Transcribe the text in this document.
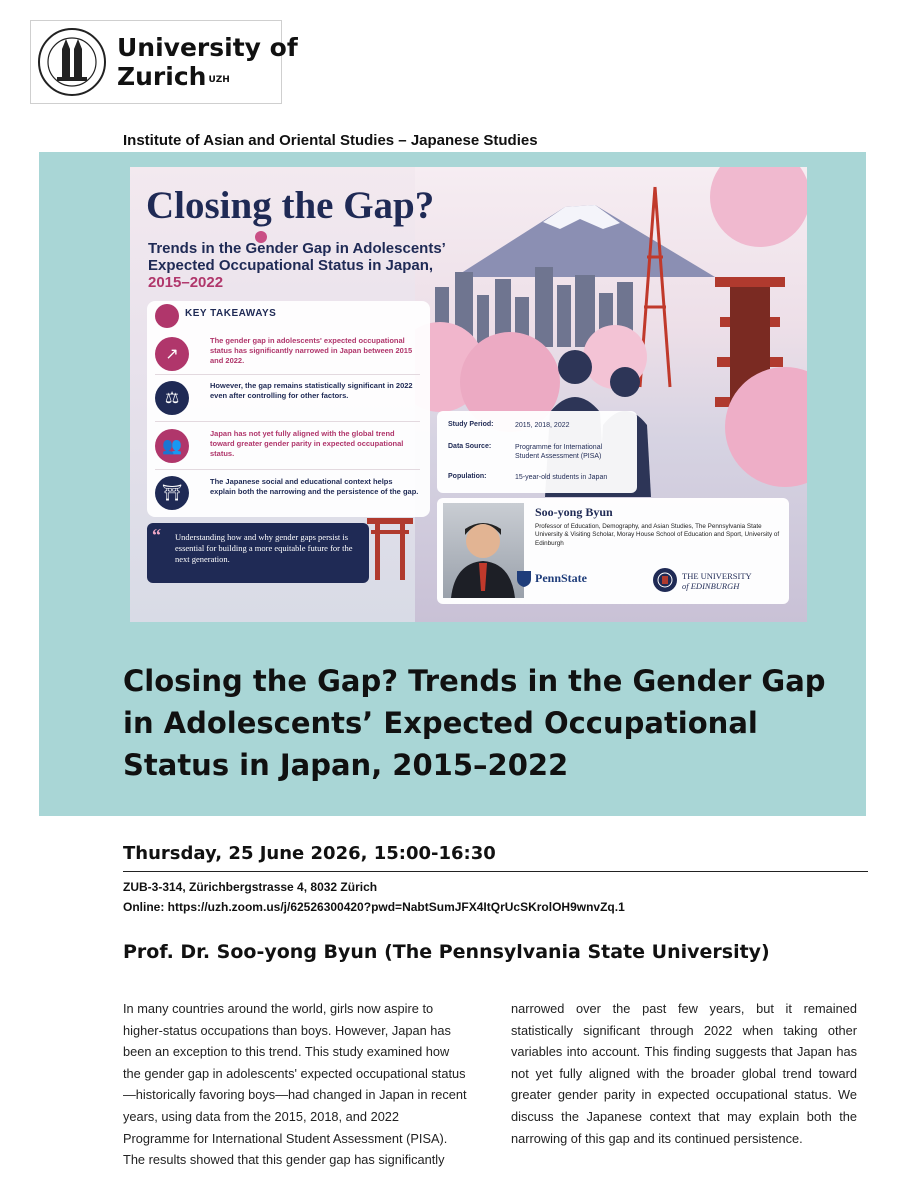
University of
Zurich $^{UZH}$
Institute of Asian and Oriental Studies – Japanese Studies
Closing the Gap?
Trends in the Gender Gap in Adolescents’ Expected Occupational Status in Japan,
2015–2022
KEY TAKEAWAYS
↗
The gender gap in adolescents' expected occupational status has significantly narrowed in Japan between 2015 and 2022.
⚖
However, the gap remains statistically significant in 2022 even after controlling for other factors.
👥
Japan has not yet fully aligned with the global trend toward greater gender parity in expected occupational status.
⛩
The Japanese social and educational context helps explain both the narrowing and the persistence of the gap.
“ Understanding how and why gender gaps persist is essential for building a more equitable future for the next generation.
Study Period:	2015, 2018, 2022
Data Source:	Programme for International Student Assessment (PISA)
Population:	15-year-old students in Japan
Soo-yong Byun
Professor of Education, Demography, and Asian Studies, The Pennsylvania State University & Visiting Scholar, Moray House School of Education and Sport, University of Edinburgh
PennState	THE UNIVERSITY
of EDINBURGH
Closing the Gap? Trends in the Gender Gap in Adolescents’ Expected Occupational Status in Japan, 2015–2022
Thursday, 25 June 2026, 15:00-16:30
ZUB-3-314, Zürichbergstrasse 4, 8032 Zürich
Online: https://uzh.zoom.us/j/62526300420?pwd=NabtSumJFX4ItQrUcSKrolOH9wnvZq.1
Prof. Dr. Soo-yong Byun (The Pennsylvania State University)
In many countries around the world, girls now aspire to higher-status occupations than boys. However, Japan has been an exception to this trend. This study examined how the gender gap in adolescents' expected occupational status—historically favoring boys—had changed in Japan in recent years, using data from the 2015, 2018, and 2022 Programme for International Student Assessment (PISA). The results showed that this gender gap has significantly
narrowed over the past few years, but it remained statistically significant through 2022 when taking other variables into account. This finding suggests that Japan has not yet fully aligned with the broader global trend toward greater gender parity in expected occupational status. We discuss the Japanese context that may explain both the narrowing of this gap and its continued persistence.
